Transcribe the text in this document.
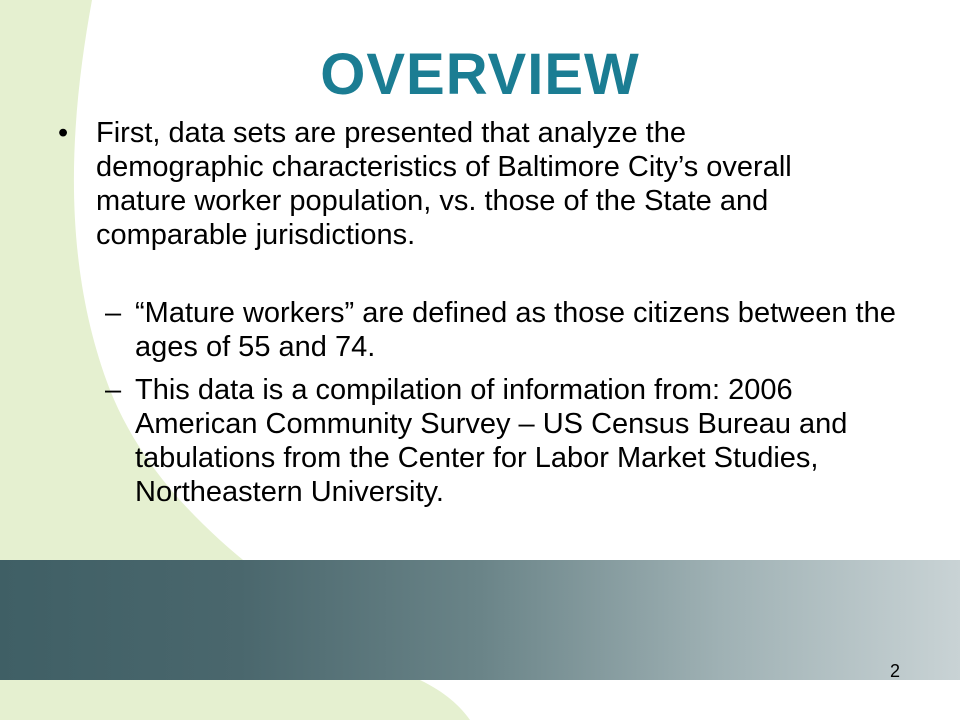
OVERVIEW
• First, data sets are presented that analyze the demographic characteristics of Baltimore City’s overall mature worker population, vs. those of the State and comparable jurisdictions.
– “Mature workers” are defined as those citizens between the ages of 55 and 74.
– This data is a compilation of information from: 2006 American Community Survey – US Census Bureau and tabulations from the Center for Labor Market Studies, Northeastern University.
2
